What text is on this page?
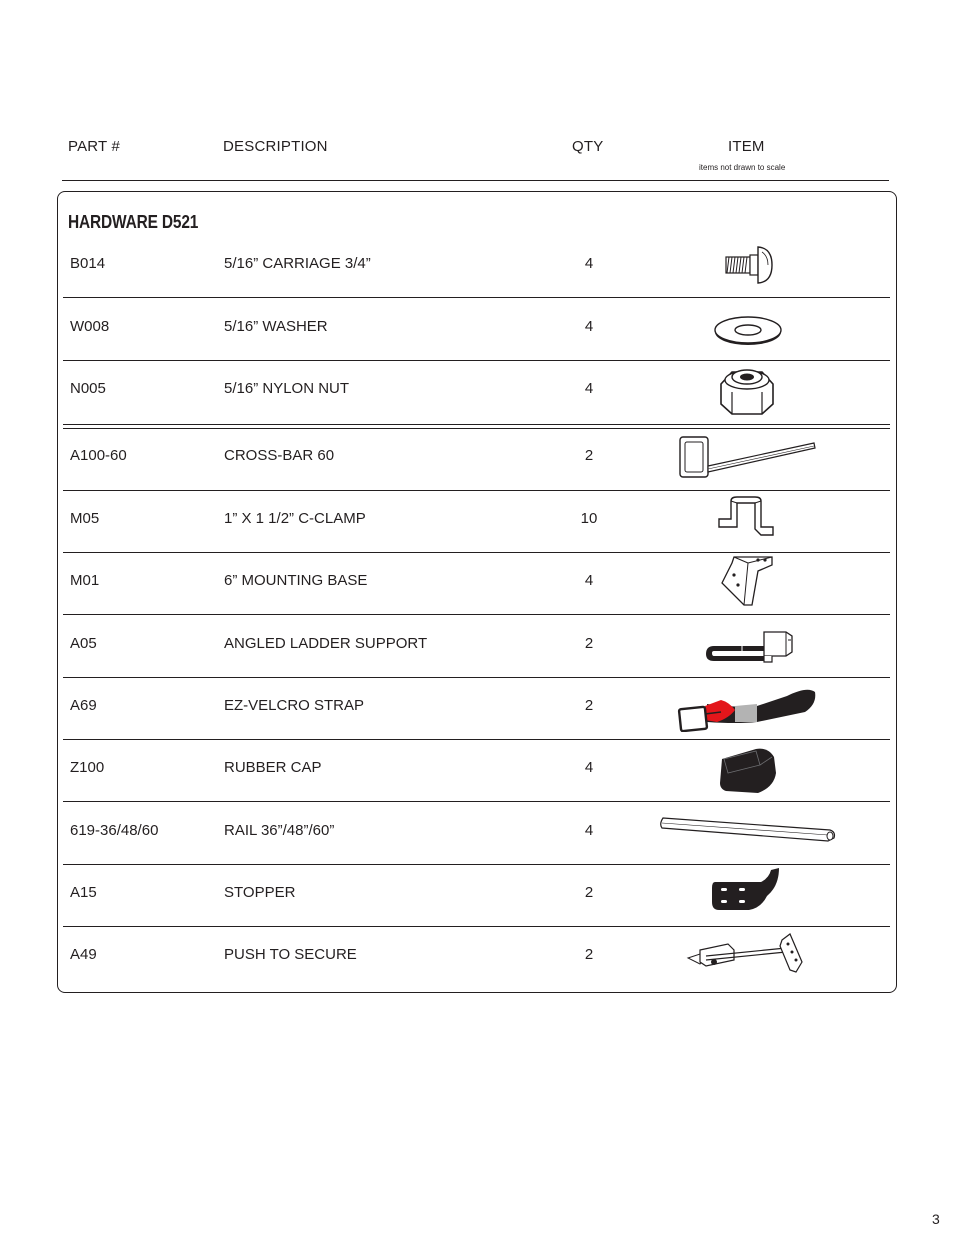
PART #	DESCRIPTION	QTY	ITEM
items not drawn to scale
HARDWARE D521
B014	5/16” CARRIAGE 3/4”	4
W008	5/16” WASHER	4
N005	5/16” NYLON NUT	4
A100-60	CROSS-BAR 60	2
M05	1” X 1 1/2” C-CLAMP	10
M01	6” MOUNTING BASE	4
A05	ANGLED LADDER SUPPORT	2
A69	EZ-VELCRO STRAP	2
Z100	RUBBER CAP	4
619-36/48/60	RAIL 36”/48”/60”	4
A15	STOPPER	2
A49	PUSH TO SECURE	2
3
